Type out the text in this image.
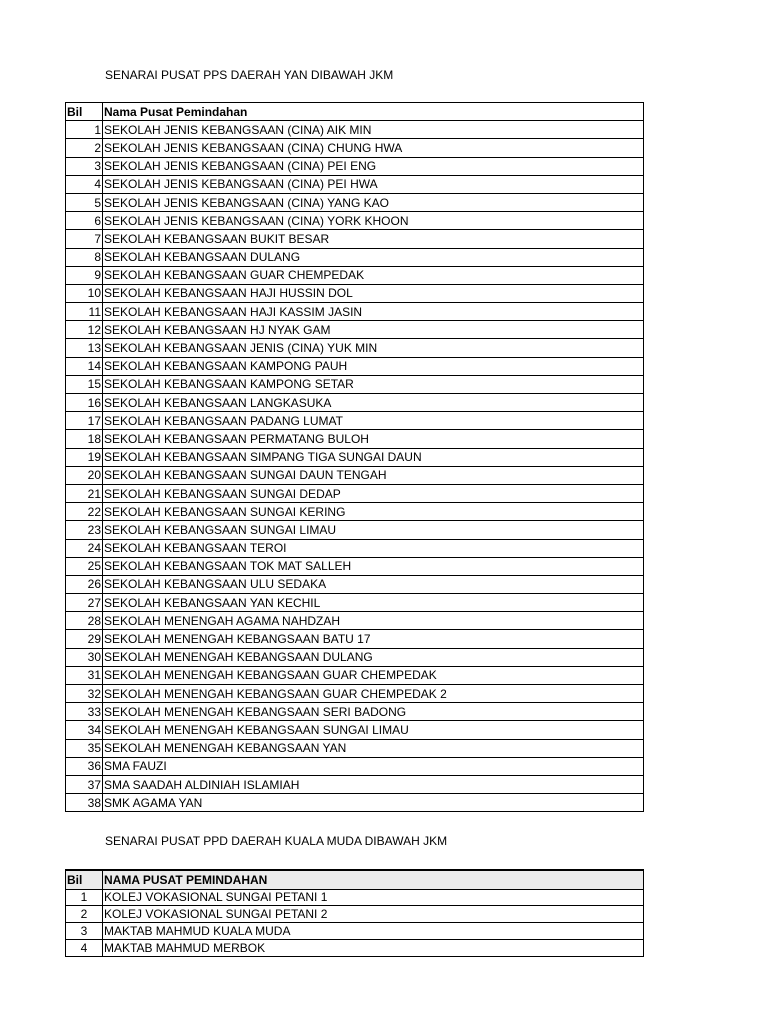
SENARAI PUSAT PPS DAERAH YAN DIBAWAH JKM
Bil	Nama Pusat Pemindahan
1	SEKOLAH JENIS KEBANGSAAN (CINA) AIK MIN
2	SEKOLAH JENIS KEBANGSAAN (CINA) CHUNG HWA
3	SEKOLAH JENIS KEBANGSAAN (CINA) PEI ENG
4	SEKOLAH JENIS KEBANGSAAN (CINA) PEI HWA
5	SEKOLAH JENIS KEBANGSAAN (CINA) YANG KAO
6	SEKOLAH JENIS KEBANGSAAN (CINA) YORK KHOON
7	SEKOLAH KEBANGSAAN BUKIT BESAR
8	SEKOLAH KEBANGSAAN DULANG
9	SEKOLAH KEBANGSAAN GUAR CHEMPEDAK
10	SEKOLAH KEBANGSAAN HAJI HUSSIN DOL
11	SEKOLAH KEBANGSAAN HAJI KASSIM JASIN
12	SEKOLAH KEBANGSAAN HJ NYAK GAM
13	SEKOLAH KEBANGSAAN JENIS (CINA) YUK MIN
14	SEKOLAH KEBANGSAAN KAMPONG PAUH
15	SEKOLAH KEBANGSAAN KAMPONG SETAR
16	SEKOLAH KEBANGSAAN LANGKASUKA
17	SEKOLAH KEBANGSAAN PADANG LUMAT
18	SEKOLAH KEBANGSAAN PERMATANG BULOH
19	SEKOLAH KEBANGSAAN SIMPANG TIGA SUNGAI DAUN
20	SEKOLAH KEBANGSAAN SUNGAI DAUN TENGAH
21	SEKOLAH KEBANGSAAN SUNGAI DEDAP
22	SEKOLAH KEBANGSAAN SUNGAI KERING
23	SEKOLAH KEBANGSAAN SUNGAI LIMAU
24	SEKOLAH KEBANGSAAN TEROI
25	SEKOLAH KEBANGSAAN TOK MAT SALLEH
26	SEKOLAH KEBANGSAAN ULU SEDAKA
27	SEKOLAH KEBANGSAAN YAN KECHIL
28	SEKOLAH MENENGAH AGAMA NAHDZAH
29	SEKOLAH MENENGAH KEBANGSAAN BATU 17
30	SEKOLAH MENENGAH KEBANGSAAN DULANG
31	SEKOLAH MENENGAH KEBANGSAAN GUAR CHEMPEDAK
32	SEKOLAH MENENGAH KEBANGSAAN GUAR CHEMPEDAK 2
33	SEKOLAH MENENGAH KEBANGSAAN SERI BADONG
34	SEKOLAH MENENGAH KEBANGSAAN SUNGAI LIMAU
35	SEKOLAH MENENGAH KEBANGSAAN YAN
36	SMA FAUZI
37	SMA SAADAH ALDINIAH ISLAMIAH
38	SMK AGAMA YAN
SENARAI PUSAT PPD DAERAH KUALA MUDA DIBAWAH JKM
Bil	NAMA PUSAT PEMINDAHAN
1	KOLEJ VOKASIONAL SUNGAI PETANI 1
2	KOLEJ VOKASIONAL SUNGAI PETANI 2
3	MAKTAB MAHMUD KUALA MUDA
4	MAKTAB MAHMUD MERBOK
